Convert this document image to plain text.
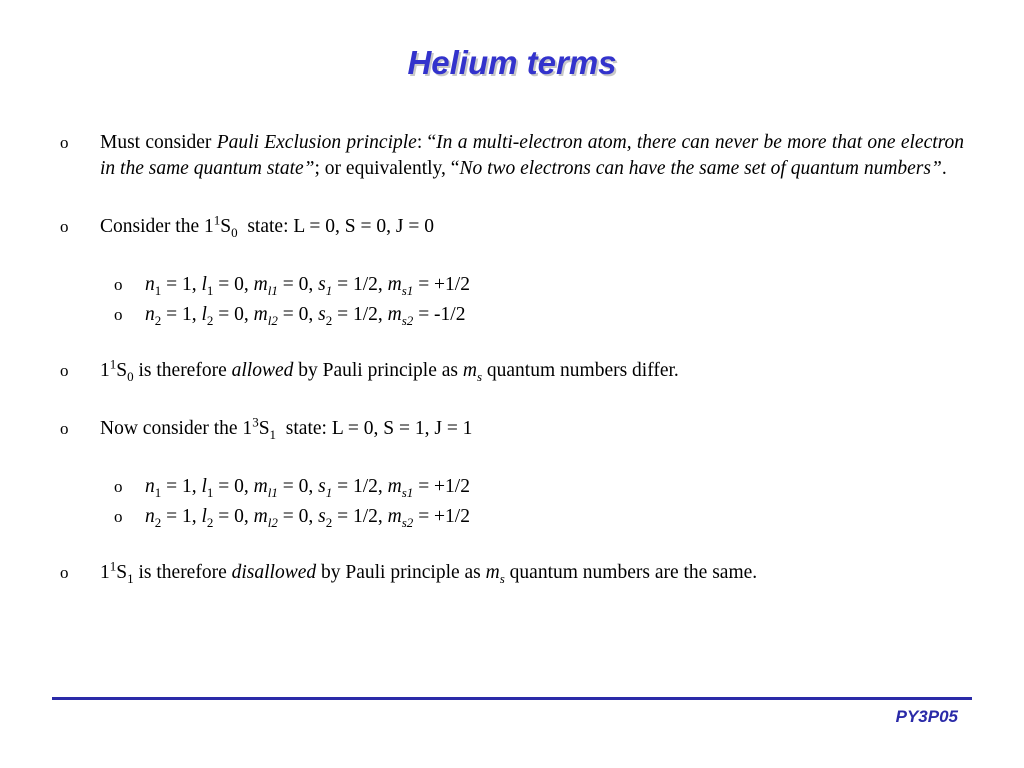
Helium terms
o Must consider Pauli Exclusion principle: “In a multi-electron atom, there can never be more that one electron in the same quantum state”; or equivalently, “No two electrons can have the same set of quantum numbers”.
o Consider the $1^1S_0$  state: L = 0, S = 0, J = 0
o $n_1 = 1$, $l_1 = 0$, $m_{l1} = 0$, $s_1 = 1/2$, $m_{s1} = +1/2$
o $n_2 = 1$, $l_2 = 0$, $m_{l2} = 0$, $s_2 = 1/2$, $m_{s2} = -1/2$
o $1^1S_0$ is therefore allowed by Pauli principle as $m_s$ quantum numbers differ.
o Now consider the $1^3S_1$  state: L = 0, S = 1, J = 1
o $n_1 = 1$, $l_1 = 0$, $m_{l1} = 0$, $s_1 = 1/2$, $m_{s1} = +1/2$
o $n_2 = 1$, $l_2 = 0$, $m_{l2} = 0$, $s_2 = 1/2$, $m_{s2} = +1/2$
o $1^1S_1$ is therefore disallowed by Pauli principle as $m_s$ quantum numbers are the same.
PY3P05
